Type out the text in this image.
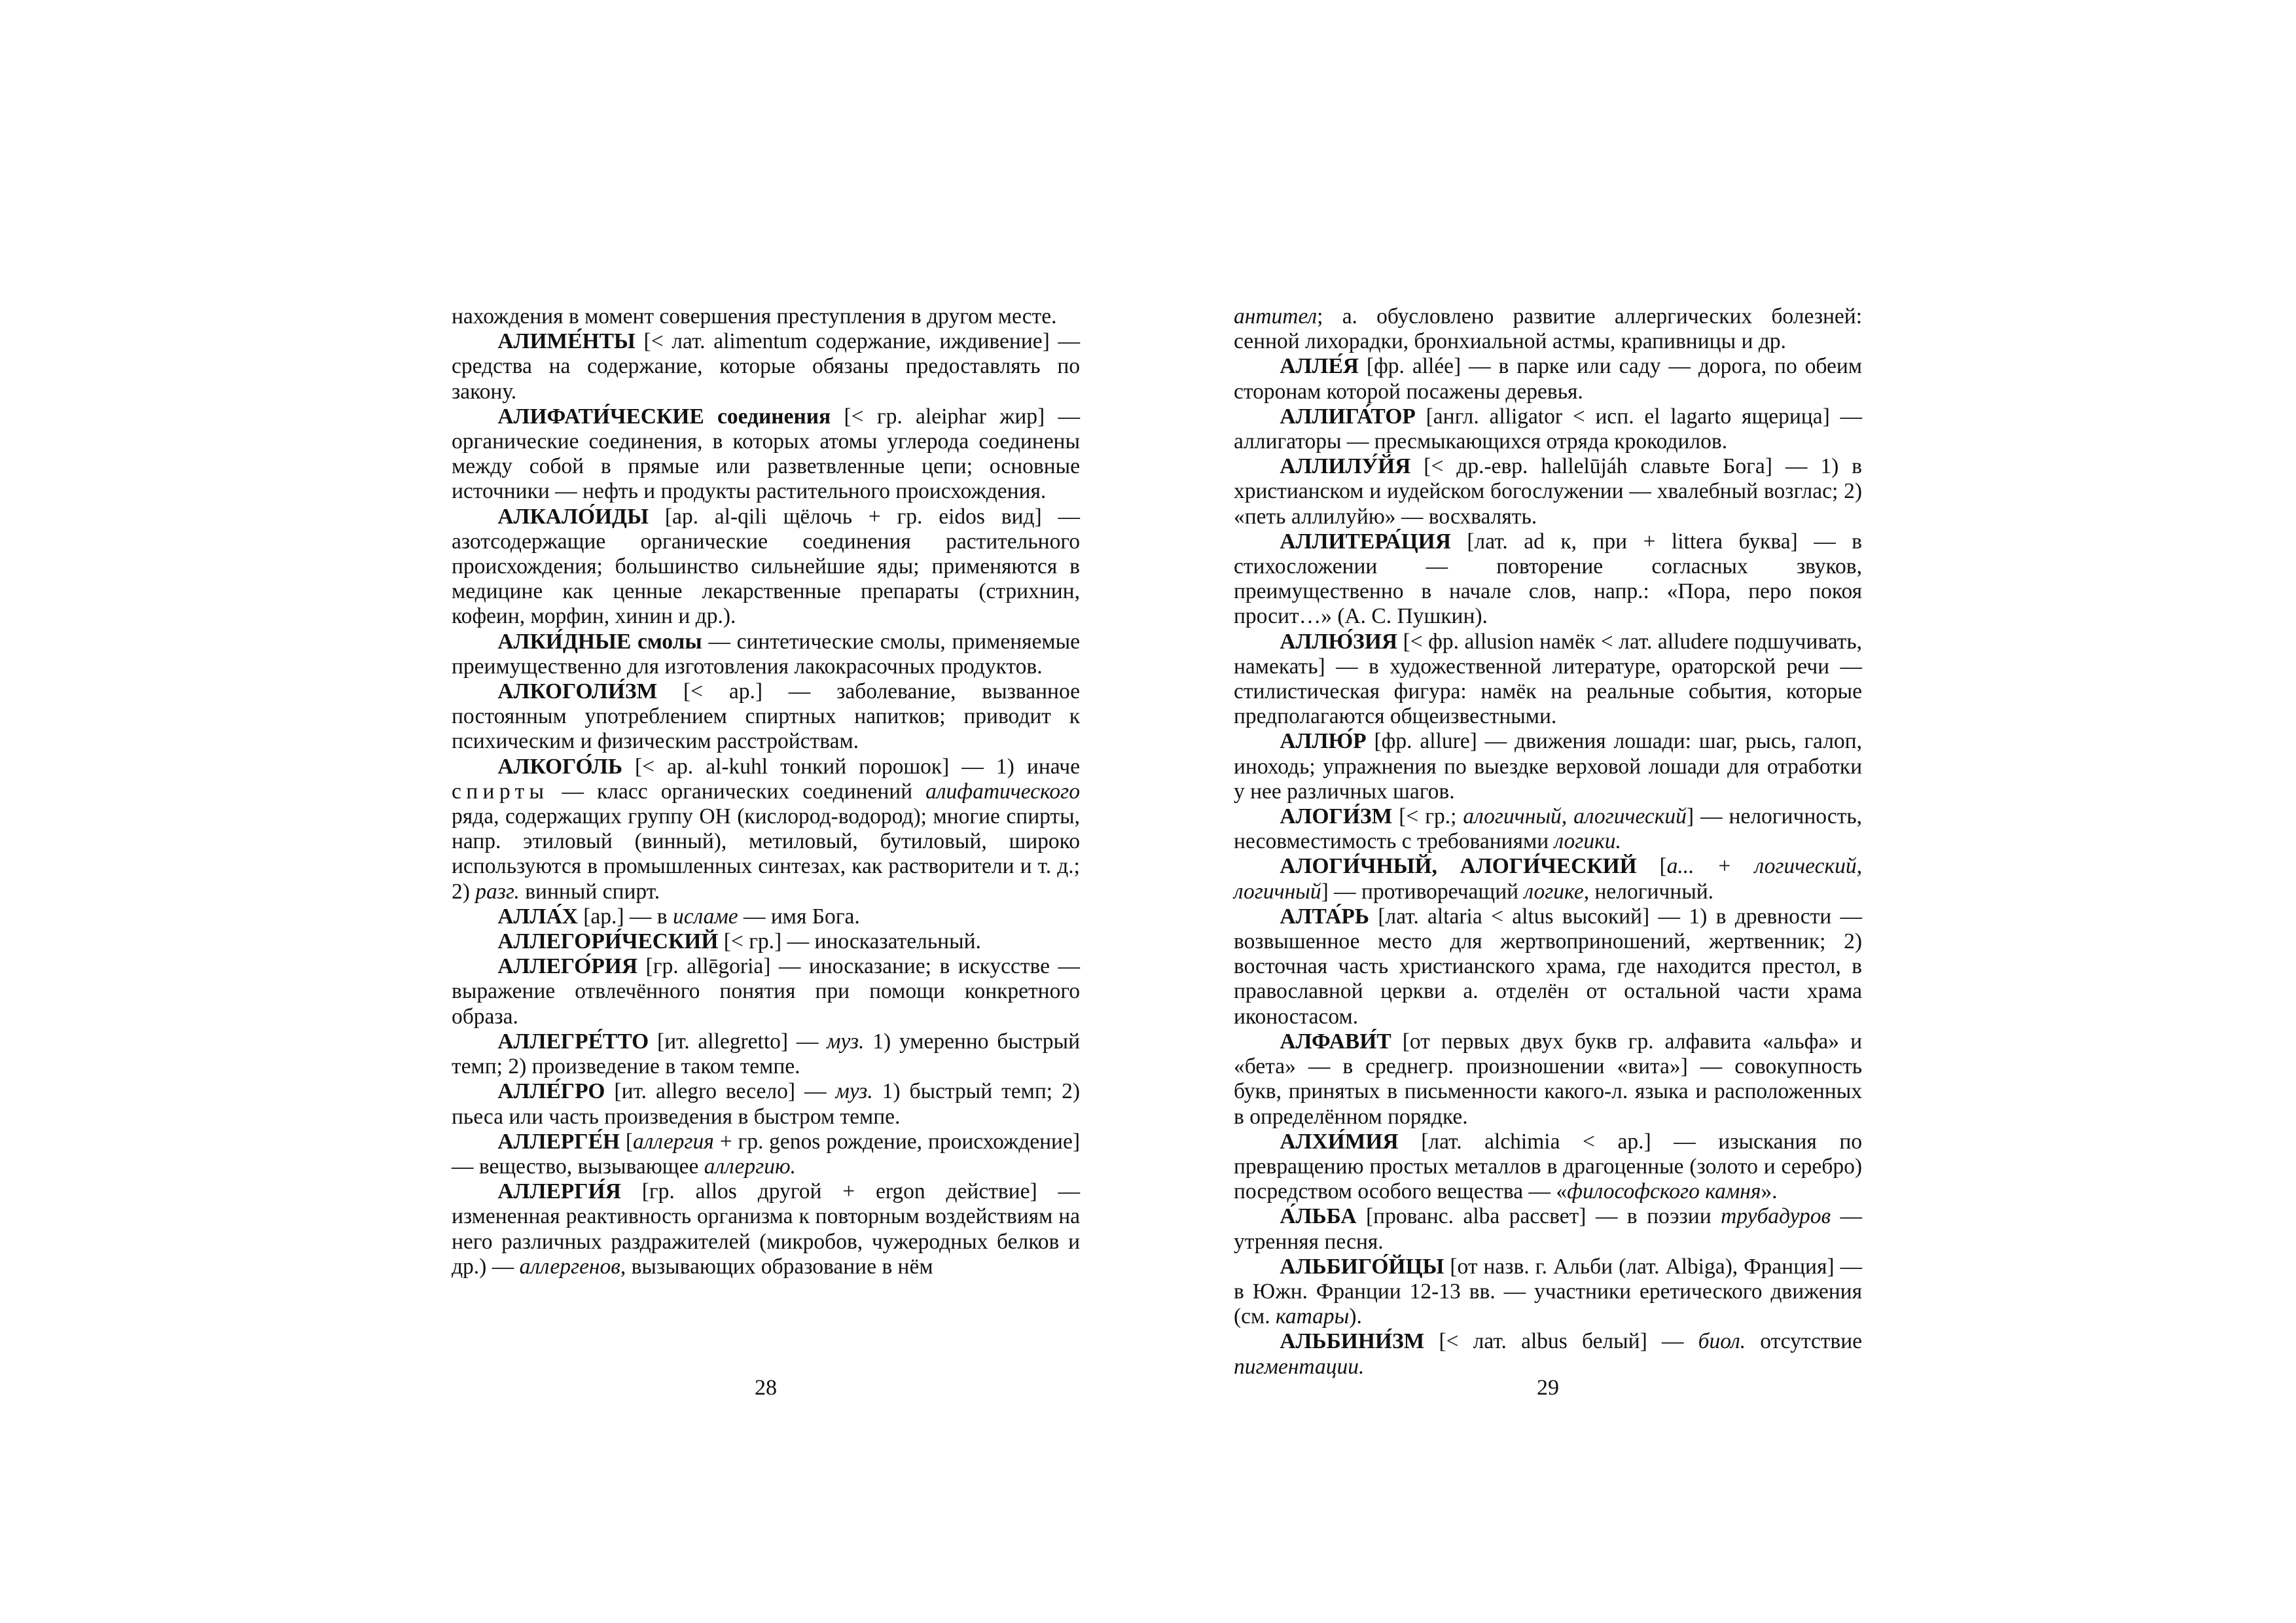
нахождения в момент совершения преступления в другом месте.

АЛИМЕ́НТЫ [< лат. alimentum содержание, иждивение] — средства на содержание, которые обязаны предоставлять по закону.

АЛИФАТИ́ЧЕСКИЕ соединения [< гр. aleiphar жир] — органические соединения, в которых атомы углерода соединены между собой в прямые или разветвленные цепи; основные источники — нефть и продукты растительного происхождения.

АЛКАЛО́ИДЫ [ар. al-qili щёлочь + гр. eidos вид] — азотсодержащие органические соединения растительного происхождения; большинство сильнейшие яды; применяются в медицине как ценные лекарственные препараты (стрихнин, кофеин, морфин, хинин и др.).

АЛКИ́ДНЫЕ смолы — синтетические смолы, применяемые преимущественно для изготовления лакокрасочных продуктов.

АЛКОГОЛИ́ЗМ [< ар.] — заболевание, вызванное постоянным употреблением спиртных напитков; приводит к психическим и физическим расстройствам.

АЛКОГО́ЛЬ [< ар. al-kuhl тонкий порошок] — 1) иначе спирты — класс органических соединений алифатического ряда, содержащих группу OH (кислород-водород); многие спирты, напр. этиловый (винный), метиловый, бутиловый, широко используются в промышленных синтезах, как растворители и т. д.; 2) разг. винный спирт.

АЛЛА́Х [ар.] — в исламе — имя Бога.

АЛЛЕГОРИ́ЧЕСКИЙ [< гр.] — иносказательный.

АЛЛЕГО́РИЯ [гр. allēgoria] — иносказание; в искусстве — выражение отвлечённого понятия при помощи конкретного образа.

АЛЛЕГРЕ́ТТО [ит. allegretto] — муз. 1) умеренно быстрый темп; 2) произведение в таком темпе.

АЛЛЕ́ГРО [ит. allegro весело] — муз. 1) быстрый темп; 2) пьеса или часть произведения в быстром темпе.

АЛЛЕРГЕ́Н [аллергия + гр. genos рождение, происхождение] — вещество, вызывающее аллергию.

АЛЛЕРГИ́Я [гр. allos другой + ergon действие] — измененная реактивность организма к повторным воздействиям на него различных раздражителей (микробов, чужеродных белков и др.) — аллергенов, вызывающих образование в нём

28

антител; а. обусловлено развитие аллергических болезней: сенной лихорадки, бронхиальной астмы, крапивницы и др.

АЛЛЕ́Я [фр. allée] — в парке или саду — дорога, по обеим сторонам которой посажены деревья.

АЛЛИГА́ТОР [англ. alligator < исп. el lagarto ящерица] — аллигаторы — пресмыкающихся отряда крокодилов.

АЛЛИЛУ́ЙЯ [< др.-евр. hallelūjáh славьте Бога] — 1) в христианском и иудейском богослужении — хвалебный возглас; 2) «петь аллилуйю» — восхвалять.

АЛЛИТЕРА́ЦИЯ [лат. ad к, при + littera буква] — в стихосложении — повторение согласных звуков, преимущественно в начале слов, напр.: «Пора, перо покоя просит…» (А. С. Пушкин).

АЛЛЮ́ЗИЯ [< фр. allusion намёк < лат. alludere подшучивать, намекать] — в художественной литературе, ораторской речи — стилистическая фигура: намёк на реальные события, которые предполагаются общеизвестными.

АЛЛЮ́Р [фр. allure] — движения лошади: шаг, рысь, галоп, иноходь; упражнения по выездке верховой лошади для отработки у нее различных шагов.

АЛОГИ́ЗМ [< гр.; алогичный, алогический] — нелогичность, несовместимость с требованиями логики.

АЛОГИ́ЧНЫЙ, АЛОГИ́ЧЕСКИЙ [а... + логический, логичный] — противоречащий логике, нелогичный.

АЛТА́РЬ [лат. altaria < altus высокий] — 1) в древности — возвышенное место для жертвоприношений, жертвенник; 2) восточная часть христианского храма, где находится престол, в православной церкви а. отделён от остальной части храма иконостасом.

АЛФАВИ́Т [от первых двух букв гр. алфавита «альфа» и «бета» — в среднегр. произношении «вита»] — совокупность букв, принятых в письменности какого-л. языка и расположенных в определённом порядке.

АЛХИ́МИЯ [лат. alchimia < ар.] — изыскания по превращению простых металлов в драгоценные (золото и серебро) посредством особого вещества — «философского камня».

А́ЛЬБА [прованс. alba рассвет] — в поэзии трубадуров — утренняя песня.

АЛЬБИГО́ЙЦЫ [от назв. г. Альби (лат. Albiga), Франция] — в Южн. Франции 12-13 вв. — участники еретического движения (см. катары).

АЛЬБИНИ́ЗМ [< лат. albus белый] — биол. отсутствие пигментации.

29
